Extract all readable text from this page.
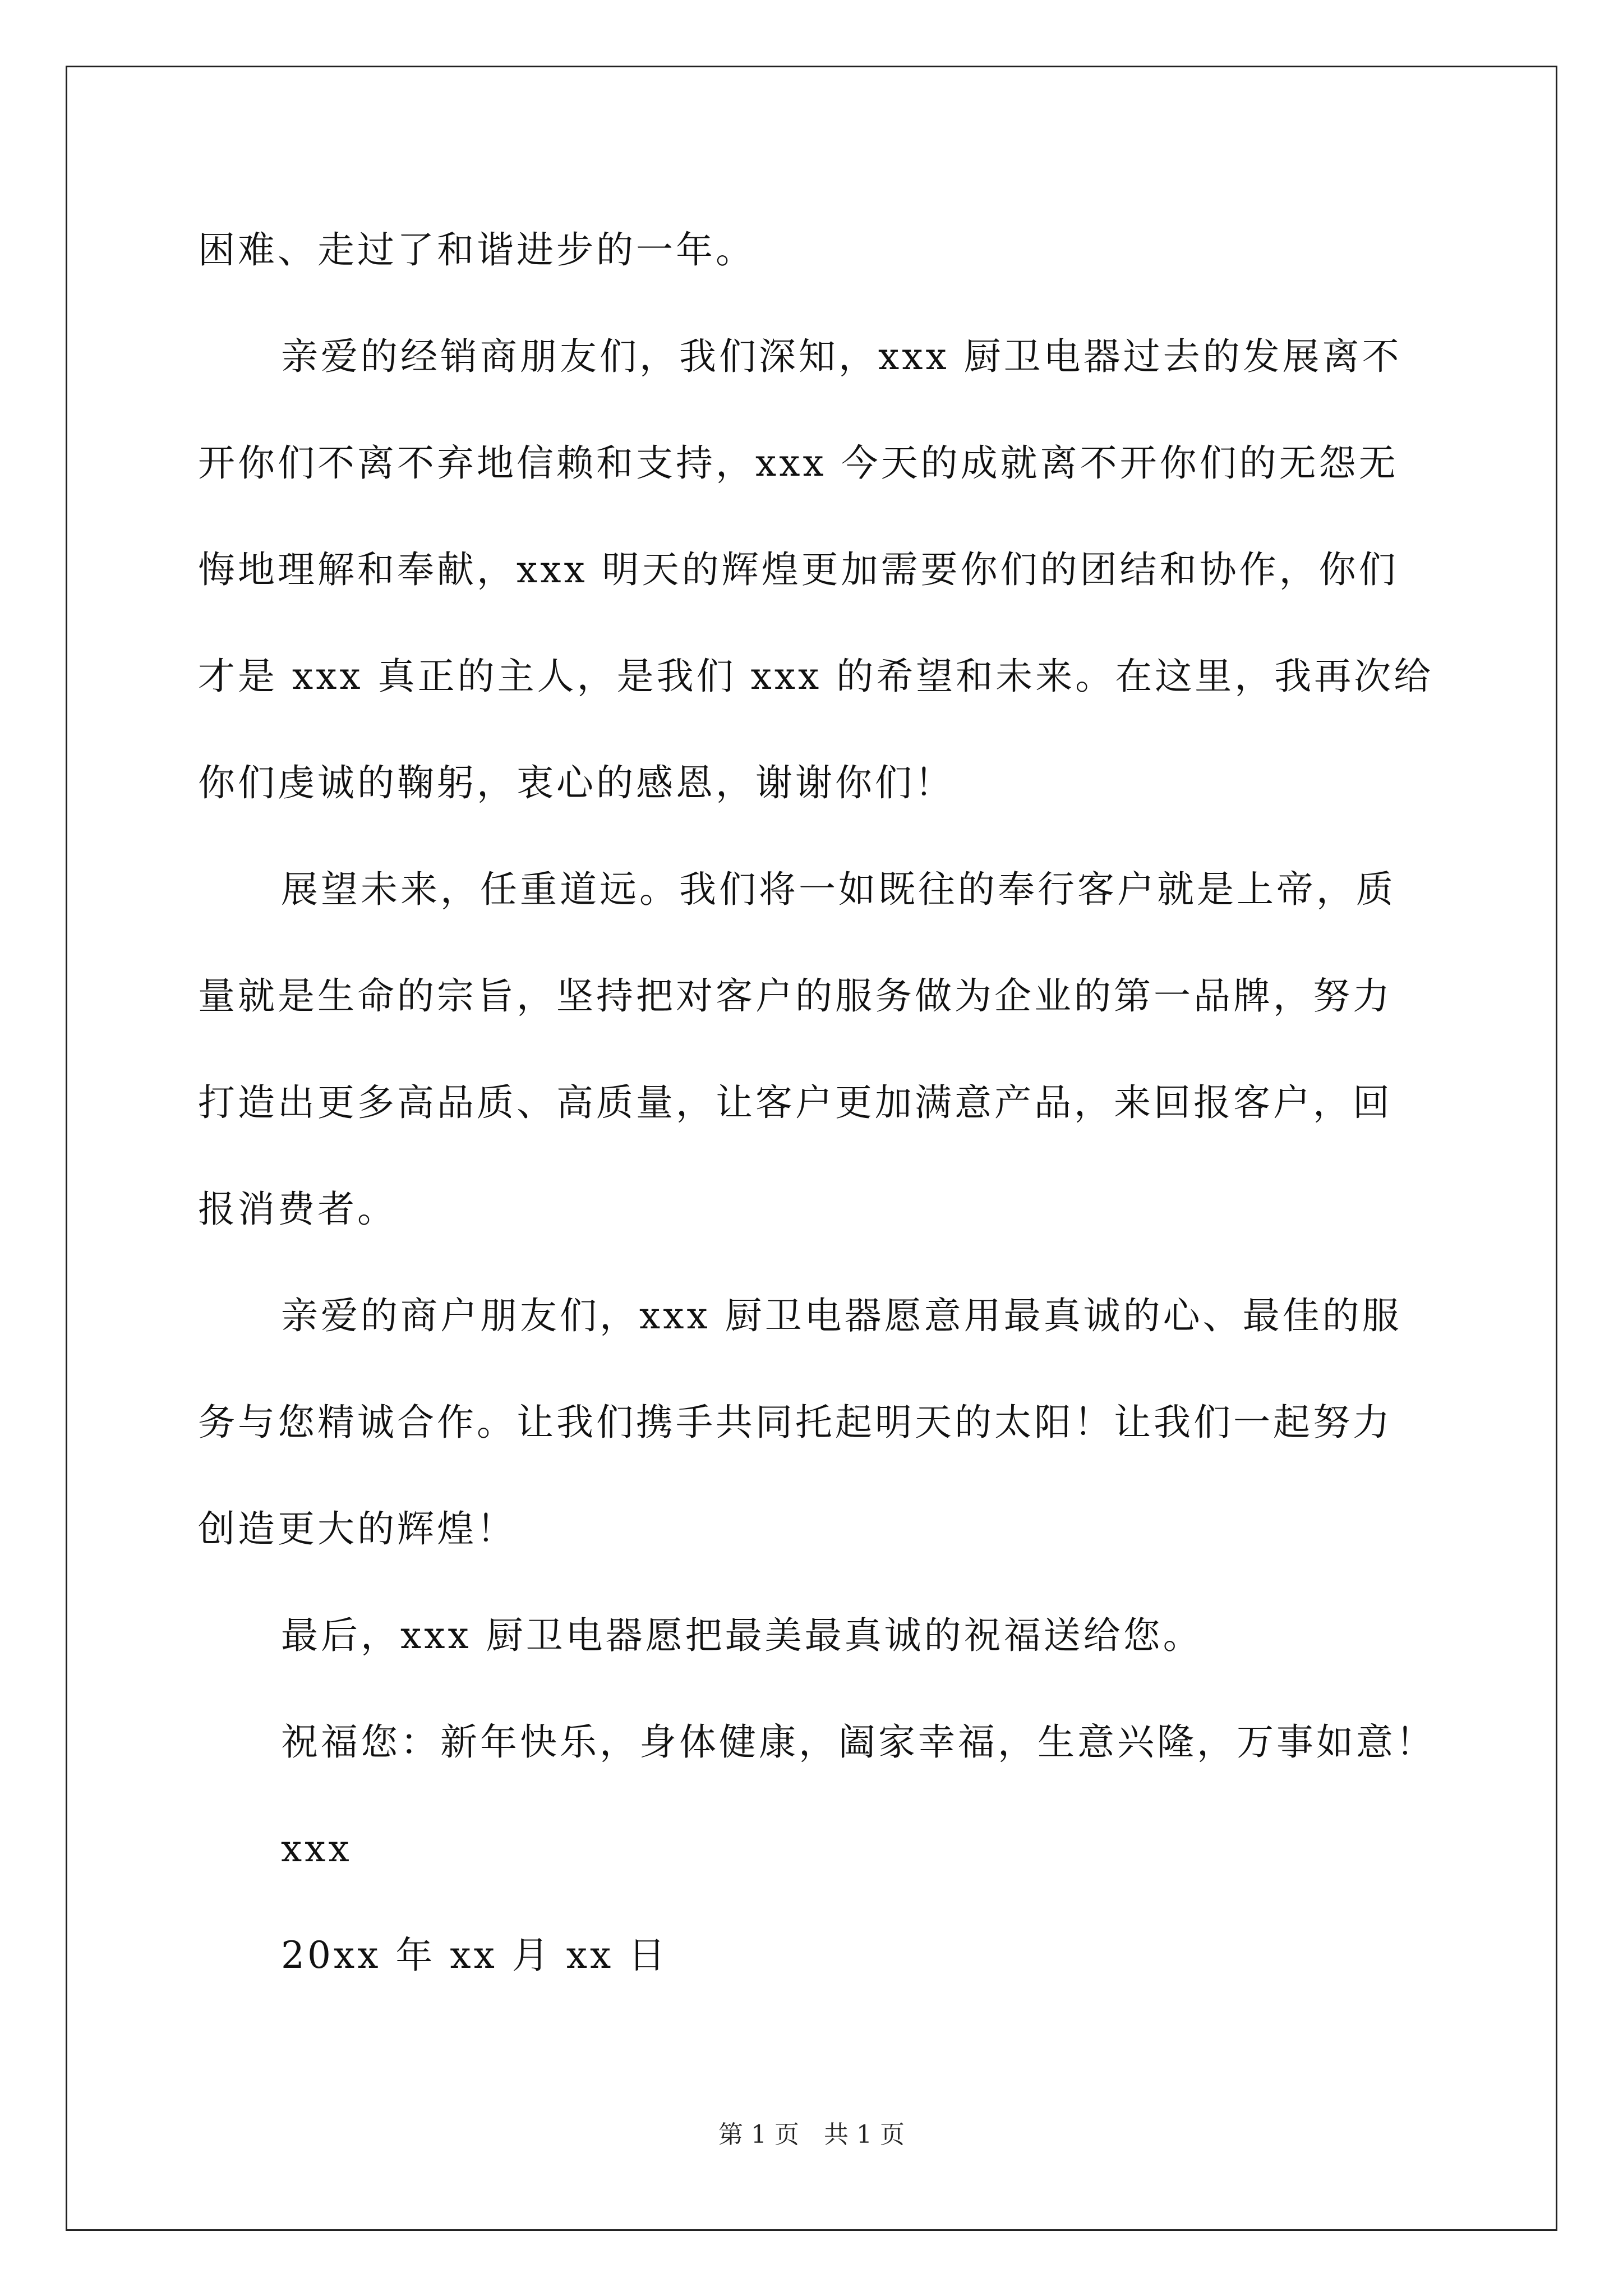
困难、走过了和谐进步的一年。
亲爱的经销商朋友们，我们深知，xxx 厨卫电器过去的发展离不
开你们不离不弃地信赖和支持，xxx 今天的成就离不开你们的无怨无
悔地理解和奉献，xxx 明天的辉煌更加需要你们的团结和协作，你们
才是 xxx 真正的主人，是我们 xxx 的希望和未来。在这里，我再次给
你们虔诚的鞠躬，衷心的感恩，谢谢你们！
展望未来，任重道远。我们将一如既往的奉行客户就是上帝，质
量就是生命的宗旨，坚持把对客户的服务做为企业的第一品牌，努力
打造出更多高品质、高质量，让客户更加满意产品，来回报客户，回
报消费者。
亲爱的商户朋友们，xxx 厨卫电器愿意用最真诚的心、最佳的服
务与您精诚合作。让我们携手共同托起明天的太阳！让我们一起努力
创造更大的辉煌！
最后，xxx 厨卫电器愿把最美最真诚的祝福送给您。
祝福您：新年快乐，身体健康，阖家幸福，生意兴隆，万事如意！
xxx
20xx 年 xx 月 xx 日
第 1 页　共 1 页
